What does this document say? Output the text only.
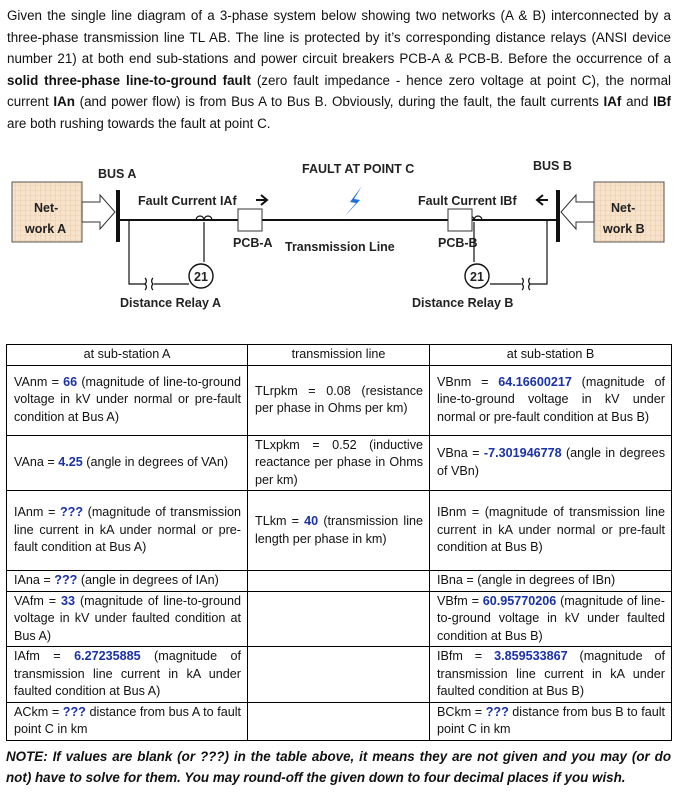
Given the single line diagram of a 3-phase system below showing two networks (A & B) interconnected by a three-phase transmission line TL AB. The line is protected by it’s corresponding distance relays (ANSI device number 21) at both end sub-stations and power circuit breakers PCB-A & PCB-B. Before the occurrence of a solid three-phase line-to-ground fault (zero fault impedance - hence zero voltage at point C), the normal current IAn (and power flow) is from Bus A to Bus B. Obviously, during the fault, the fault currents IAf and IBf are both rushing towards the fault at point C.
Net-
work A
Net-
work B
BUS A
BUS B
PCB-A	PCB-B
Transmission Line
FAULT AT POINT C
Fault Current IAf	Fault Current IBf
21
Distance Relay A
21
Distance Relay B
at sub-station A	transmission line	at sub-station B
VAnm = 66 (magnitude of line-to-ground voltage in kV under normal or pre-fault condition at Bus A)	TLrpkm = 0.08 (resistance per phase in Ohms per km)	VBnm = 64.16600217 (magnitude of line-to-ground voltage in kV under normal or pre-fault condition at Bus B)
VAna = 4.25 (angle in degrees of VAn)	TLxpkm = 0.52 (inductive reactance per phase in Ohms per km)	VBna = -7.301946778 (angle in degrees of VBn)
IAnm = ??? (magnitude of transmission line current in kA under normal or pre-fault condition at Bus A)	TLkm = 40 (transmission line length per phase in km)	IBnm = (magnitude of transmission line current in kA under normal or pre-fault condition at Bus B)
IAna = ??? (angle in degrees of IAn)		IBna = (angle in degrees of IBn)
VAfm = 33 (magnitude of line-to-ground voltage in kV under faulted condition at Bus A)		VBfm = 60.95770206 (magnitude of line-to-ground voltage in kV under faulted condition at Bus B)
IAfm = 6.27235885 (magnitude of transmission line current in kA under faulted condition at Bus A)		IBfm = 3.859533867 (magnitude of transmission line current in kA under faulted condition at Bus B)
ACkm = ??? distance from bus A to fault point C in km		BCkm = ??? distance from bus B to fault point C in km
NOTE: If values are blank (or ???) in the table above, it means they are not given and you may (or do not) have to solve for them. You may round-off the given down to four decimal places if you wish.
